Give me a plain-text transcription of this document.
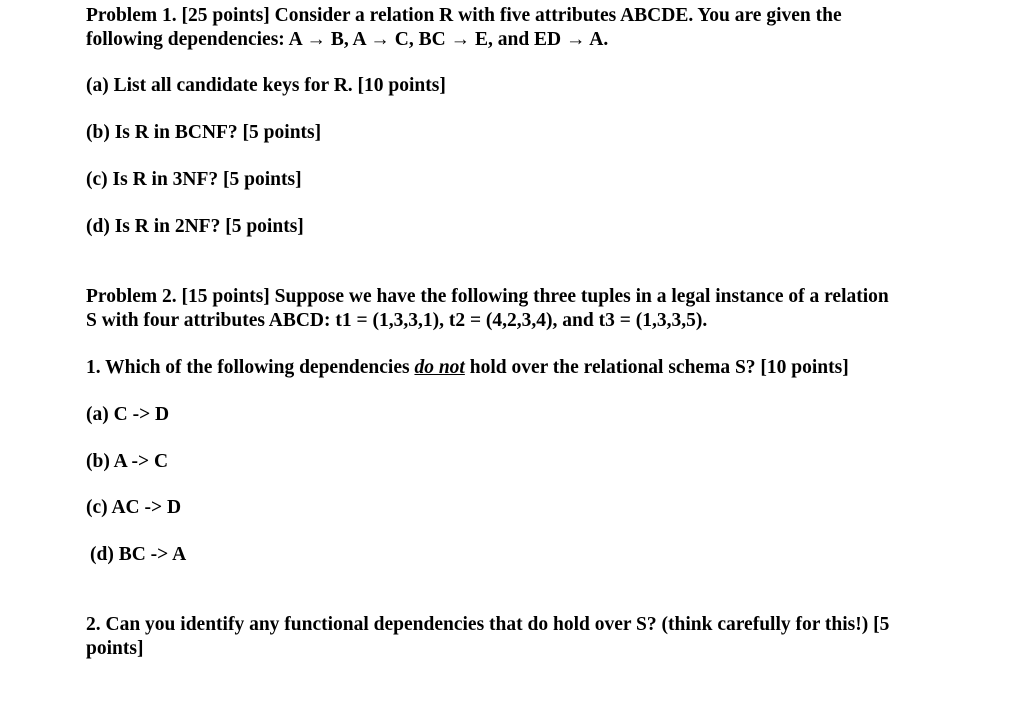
Problem 1. [25 points] Consider a relation R with five attributes ABCDE. You are given the
following dependencies: A → B, A → C, BC → E, and ED → A.
(a) List all candidate keys for R. [10 points]
(b) Is R in BCNF? [5 points]
(c) Is R in 3NF? [5 points]
(d) Is R in 2NF? [5 points]
Problem 2. [15 points] Suppose we have the following three tuples in a legal instance of a relation
S with four attributes ABCD: t1 = (1,3,3,1), t2 = (4,2,3,4), and t3 = (1,3,3,5).
1. Which of the following dependencies do not hold over the relational schema S? [10 points]
(a) C -> D
(b) A -> C
(c) AC -> D
(d) BC -> A
2. Can you identify any functional dependencies that do hold over S? (think carefully for this!) [5
points]
